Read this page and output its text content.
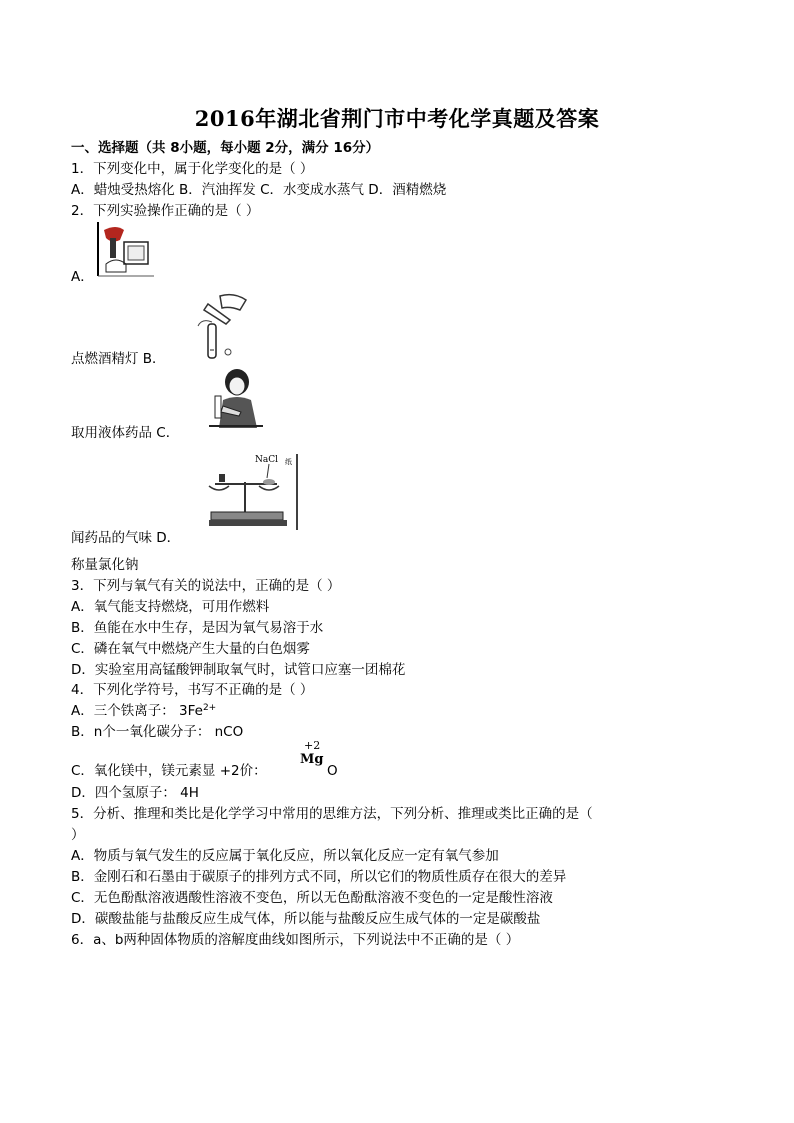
2016年湖北省荆门市中考化学真题及答案
一、选择题（共 8小题，每小题 2分，满分 16分）
1．下列变化中，属于化学变化的是（ ）
A．蜡烛受热熔化 B．汽油挥发 C．水变成水蒸气 D．酒精燃烧
2．下列实验操作正确的是（ ）
A．
点燃酒精灯 B．
取用液体药品 C．
NaCl 纸
闻药品的气味 D．
称量氯化钠
3．下列与氧气有关的说法中，正确的是（ ）
A．氧气能支持燃烧，可用作燃料
B．鱼能在水中生存，是因为氧气易溶于水
C．磷在氧气中燃烧产生大量的白色烟雾
D．实验室用高锰酸钾制取氧气时，试管口应塞一团棉花
4．下列化学符号，书写不正确的是（ ）
A．三个铁离子： $3Fe^{2+}$
B．n个一氧化碳分子： nCO
C．氧化镁中，镁元素显 +2价：
+2
Mg
O
D．四个氢原子： 4H
5．分析、推理和类比是化学学习中常用的思维方法，下列分析、推理或类比正确的是（
）
A．物质与氧气发生的反应属于氧化反应，所以氧化反应一定有氧气参加
B．金刚石和石墨由于碳原子的排列方式不同，所以它们的物质性质存在很大的差异
C．无色酚酞溶液遇酸性溶液不变色，所以无色酚酞溶液不变色的一定是酸性溶液
D．碳酸盐能与盐酸反应生成气体，所以能与盐酸反应生成气体的一定是碳酸盐
6．a、b两种固体物质的溶解度曲线如图所示，下列说法中不正确的是（ ）
